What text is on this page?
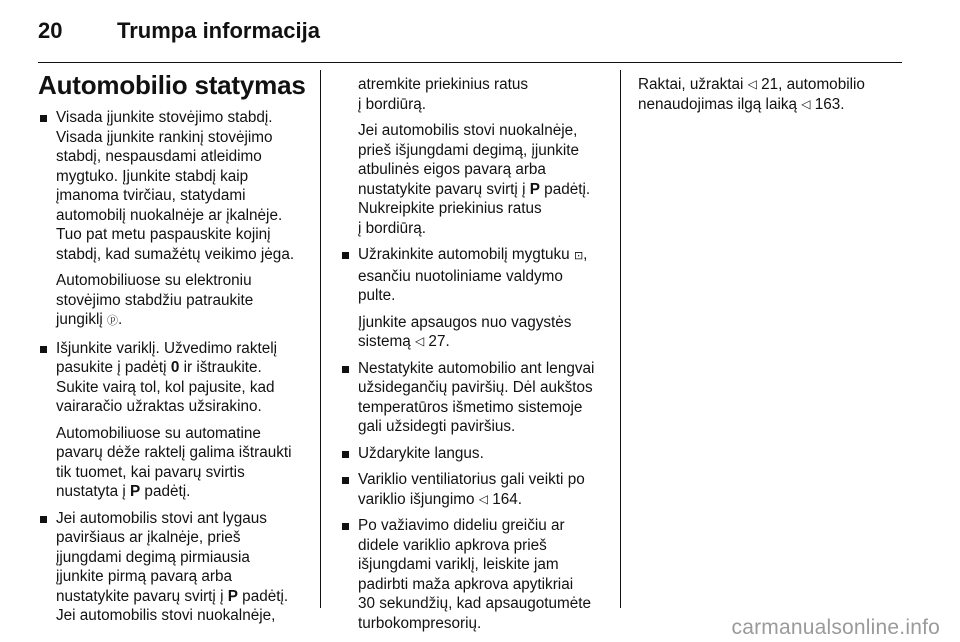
20 Trumpa informacija
Automobilio statymas
Visada įjunkite stovėjimo stabdį.
Visada įjunkite rankinį stovėjimo
stabdį, nespausdami atleidimo
mygtuko. Įjunkite stabdį kaip
įmanoma tvirčiau, statydami
automobilį nuokalnėje ar įkalnėje.
Tuo pat metu paspauskite kojinį
stabdį, kad sumažėtų veikimo jėga.
Automobiliuose su elektroniu
stovėjimo stabdžiu patraukite
jungiklį ⓟ.
Išjunkite variklį. Užvedimo raktelį
pasukite į padėtį 0 ir ištraukite.
Sukite vairą tol, kol pajusite, kad
vairaračio užraktas užsirakino.
Automobiliuose su automatine
pavarų dėže raktelį galima ištraukti
tik tuomet, kai pavarų svirtis
nustatyta į P padėtį.
Jei automobilis stovi ant lygaus
paviršiaus ar įkalnėje, prieš
įjungdami degimą pirmiausia
įjunkite pirmą pavarą arba
nustatykite pavarų svirtį į P padėtį.
Jei automobilis stovi nuokalnėje,
atremkite priekinius ratus
į bordiūrą.
Jei automobilis stovi nuokalnėje,
prieš išjungdami degimą, įjunkite
atbulinės eigos pavarą arba
nustatykite pavarų svirtį į P padėtį.
Nukreipkite priekinius ratus
į bordiūrą.
Užrakinkite automobilį mygtuku ⊡,
esančiu nuotoliniame valdymo
pulte.
Įjunkite apsaugos nuo vagystės
sistemą ◁ 27.
Nestatykite automobilio ant lengvai
užsidegančių paviršių. Dėl aukštos
temperatūros išmetimo sistemoje
gali užsidegti paviršius.
Uždarykite langus.
Variklio ventiliatorius gali veikti po
variklio išjungimo ◁ 164.
Po važiavimo dideliu greičiu ar
didele variklio apkrova prieš
išjungdami variklį, leiskite jam
padirbti maža apkrova apytikriai
30 sekundžių, kad apsaugotumėte
turbokompresorių.
Raktai, užraktai ◁ 21, automobilio
nenaudojimas ilgą laiką ◁ 163.
carmanualsonline.info
